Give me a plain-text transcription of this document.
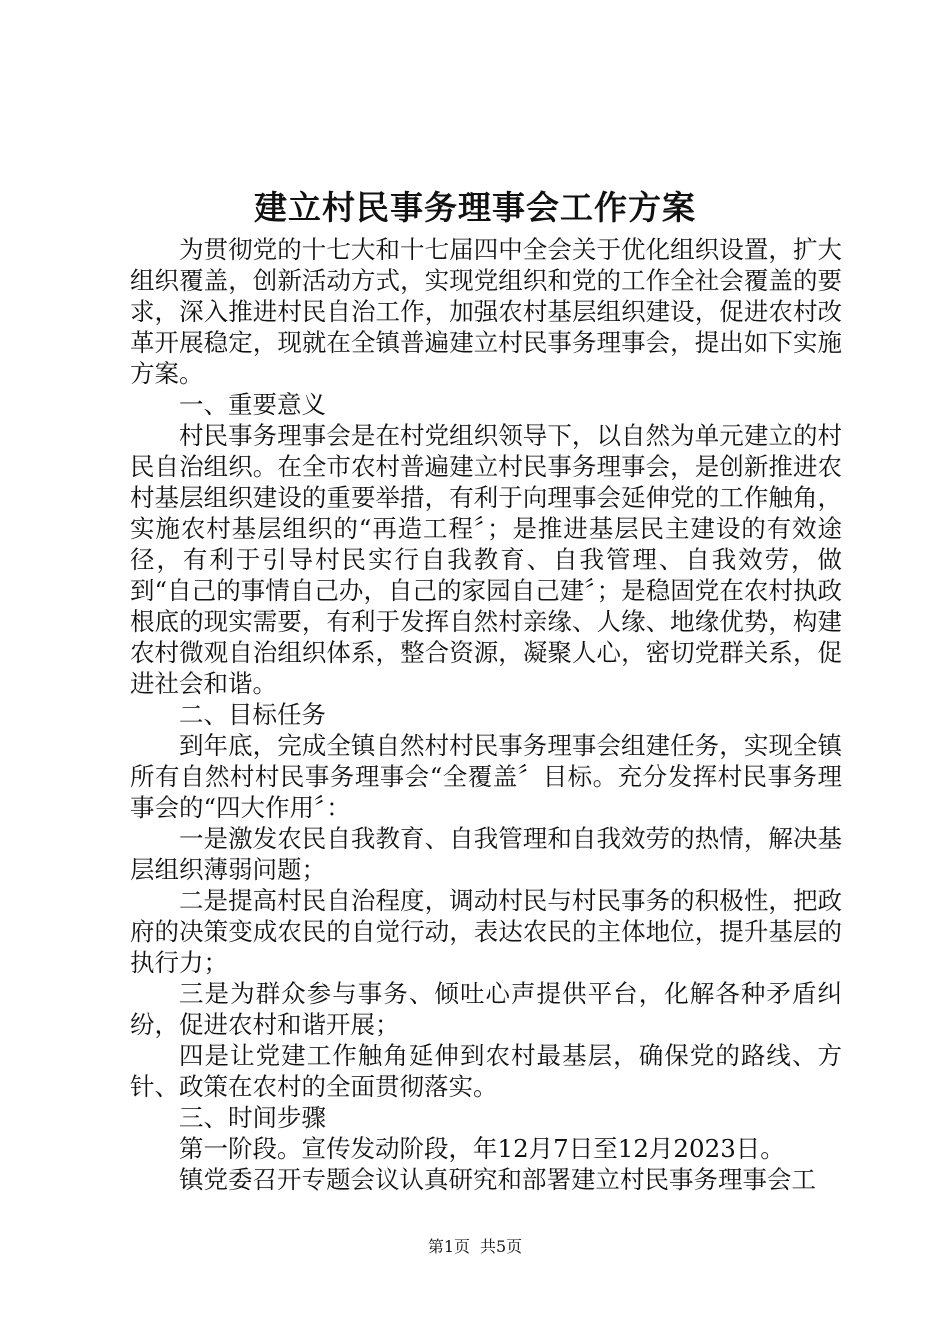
建立村民事务理事会工作方案

为贯彻党的十七大和十七届四中全会关于优化组织设置，扩大组织覆盖，创新活动方式，实现党组织和党的工作全社会覆盖的要求，深入推进村民自治工作，加强农村基层组织建设，促进农村改革开展稳定，现就在全镇普遍建立村民事务理事会，提出如下实施方案。

一、重要意义

村民事务理事会是在村党组织领导下，以自然为单元建立的村民自治组织。在全市农村普遍建立村民事务理事会，是创新推进农村基层组织建设的重要举措，有利于向理事会延伸党的工作触角，实施农村基层组织的“再造工程〞；是推进基层民主建设的有效途径，有利于引导村民实行自我教育、自我管理、自我效劳，做到“自己的事情自己办，自己的家园自己建〞；是稳固党在农村执政根底的现实需要，有利于发挥自然村亲缘、人缘、地缘优势，构建农村微观自治组织体系，整合资源，凝聚人心，密切党群关系，促进社会和谐。

二、目标任务

到年底，完成全镇自然村村民事务理事会组建任务，实现全镇所有自然村村民事务理事会“全覆盖〞目标。充分发挥村民事务理事会的“四大作用〞：

一是激发农民自我教育、自我管理和自我效劳的热情，解决基层组织薄弱问题；

二是提高村民自治程度，调动村民与村民事务的积极性，把政府的决策变成农民的自觉行动，表达农民的主体地位，提升基层的执行力；

三是为群众参与事务、倾吐心声提供平台，化解各种矛盾纠纷，促进农村和谐开展；

四是让党建工作触角延伸到农村最基层，确保党的路线、方针、政策在农村的全面贯彻落实。

三、时间步骤

第一阶段。宣传发动阶段，年12月7日至12月2023日。

镇党委召开专题会议认真研究和部署建立村民事务理事会工

第1页 共5页
